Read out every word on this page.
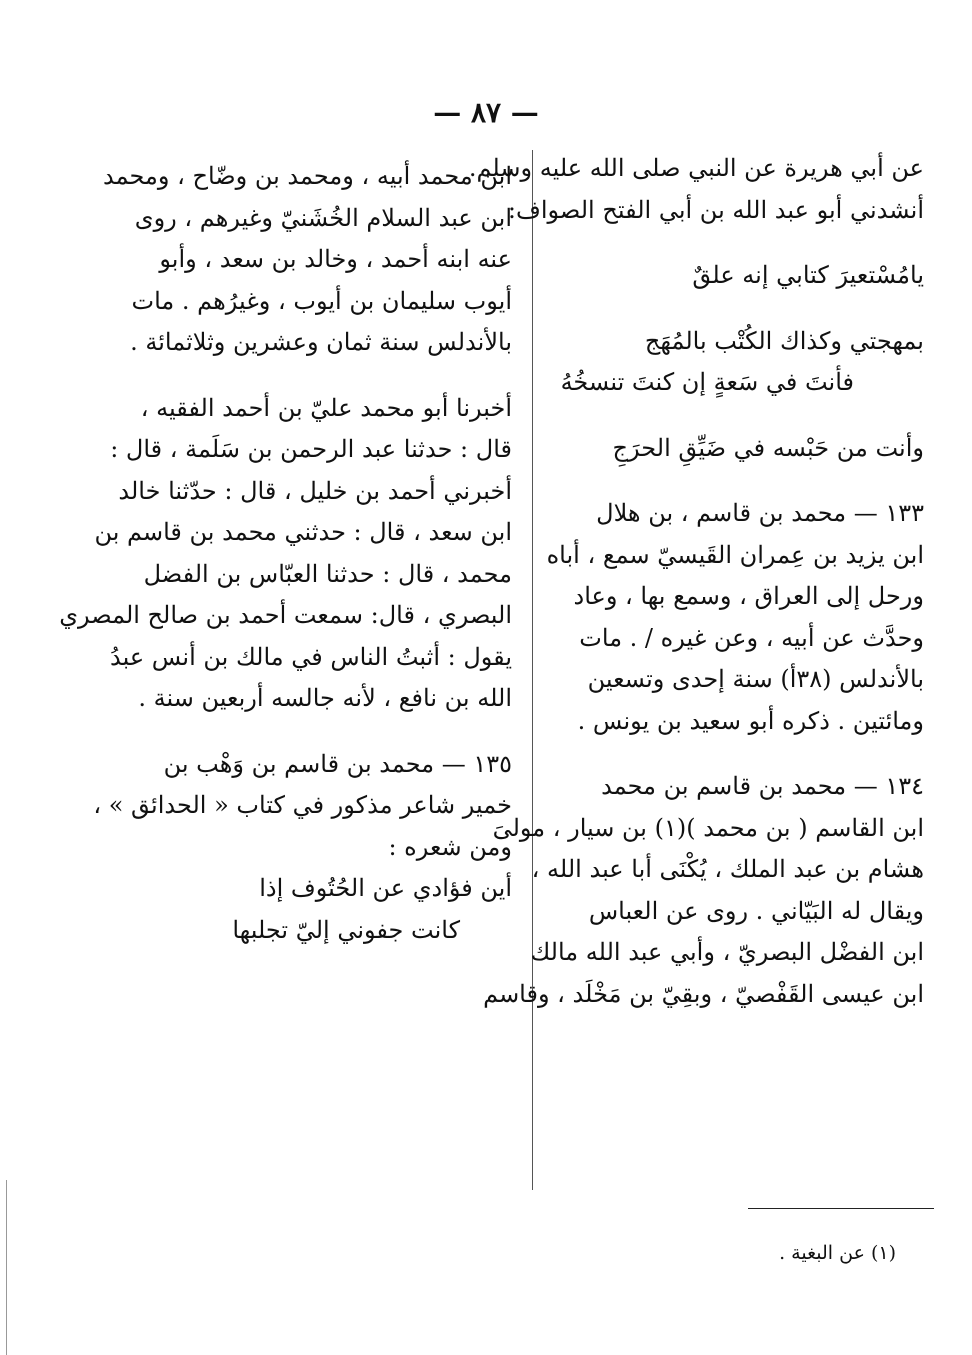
— ٨٧ —
عن أبي هريرة عن النبي صلى الله عليه وسلم.
أنشدني أبو عبد الله بن أبي الفتح الصواف:
يامُسْتعيرَ كتابي إنه علقٌ
بمهجتي وكذاك الكُتْب بالمُهَج
فأنتَ في سَعةٍ إن كنتَ تنسخُهُ
وأنت من حَبْسه في ضَيِّقِ الحرَجِ
١٣٣ — محمد بن قاسم ، بن هلال
ابن يزيد بن عِمران القَيسيّ سمع ، أباه
ورحل إلى العراق ، وسمع بها ، وعاد
وحدَّث عن أبيه ، وعن غيره / . مات
بالأندلس (٣٨أ) سنة إحدى وتسعين
ومائتين . ذكره أبو سعيد بن يونس .
١٣٤ — محمد بن قاسم بن محمد
ابن القاسم ( بن محمد )(١) بن سيار ، مولىَ
هشام بن عبد الملك ، يُكْنَى أبا عبد الله ،
ويقال له البَيّاني . روى عن العباس
ابن الفضْل البصريّ ، وأبي عبد الله مالك
ابن عيسى القَفْصيّ ، وبقِيّ بن مَخْلَد ، وقاسم
ابن محمد أبيه ، ومحمد بن وضّاح ، ومحمد
ابن عبد السلام الخُشَنيّ وغيرهم ، روى
عنه ابنه أحمد ، وخالد بن سعد ، وأبو
أيوب سليمان بن أيوب ، وغيرُهم . مات
بالأندلس سنة ثمان وعشرين وثلاثمائة .
أخبرنا أبو محمد عليّ بن أحمد الفقيه ،
قال : حدثنا عبد الرحمن بن سَلَمة ، قال :
أخبرني أحمد بن خليل ، قال : حدّثنا خالد
ابن سعد ، قال : حدثني محمد بن قاسم بن
محمد ، قال : حدثنا العبّاس بن الفضل
البصري ، قال: سمعت أحمد بن صالح المصري
يقول : أثبتُ الناس في مالك بن أنس عبدُ
الله بن نافع ، لأنه جالسه أربعين سنة .
١٣٥ — محمد بن قاسم بن وَهْب بن
خمير شاعر مذكور في كتاب « الحدائق » ،
ومن شعره :
أين فؤادي عن الحُتُوف إذا
كانت جفوني إليّ تجلبها
(١) عن البغية .
